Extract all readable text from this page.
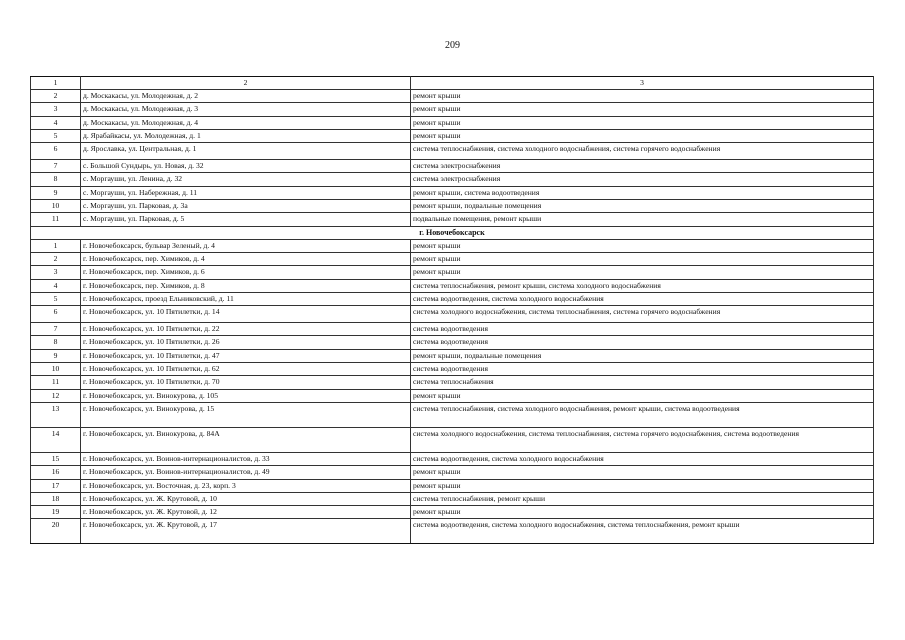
209
1	2	3
2	д. Москакасы, ул. Молодежная, д. 2	ремонт крыши
3	д. Москакасы, ул. Молодежная, д. 3	ремонт крыши
4	д. Москакасы, ул. Молодежная, д. 4	ремонт крыши
5	д. Ярабайкасы, ул. Молодежная, д. 1	ремонт крыши
6	д. Ярославка, ул. Центральная, д. 1	система теплоснабжения, система холодного водоснабжения, система горячего водоснабжения
7	с. Большой Сундырь, ул. Новая, д. 32	система электроснабжения
8	с. Моргауши, ул. Ленина, д. 32	система электроснабжения
9	с. Моргауши, ул. Набережная, д. 11	ремонт крыши, система водоотведения
10	с. Моргауши, ул. Парковая, д. 3а	ремонт крыши, подвальные помещения
11	с. Моргауши, ул. Парковая, д. 5	подвальные помещения, ремонт крыши
г. Новочебоксарск		
1	г. Новочебоксарск, бульвар Зеленый, д. 4	ремонт крыши
2	г. Новочебоксарск, пер. Химиков, д. 4	ремонт крыши
3	г. Новочебоксарск, пер. Химиков, д. 6	ремонт крыши
4	г. Новочебоксарск, пер. Химиков, д. 8	система теплоснабжения, ремонт крыши, система холодного водоснабжения
5	г. Новочебоксарск, проезд Ельниковский, д. 11	система водоотведения, система холодного водоснабжения
6	г. Новочебоксарск, ул. 10 Пятилетки, д. 14	система холодного водоснабжения, система теплоснабжения, система горячего водоснабжения
7	г. Новочебоксарск, ул. 10 Пятилетки, д. 22	система водоотведения
8	г. Новочебоксарск, ул. 10 Пятилетки, д. 26	система водоотведения
9	г. Новочебоксарск, ул. 10 Пятилетки, д. 47	ремонт крыши, подвальные помещения
10	г. Новочебоксарск, ул. 10 Пятилетки, д. 62	система водоотведения
11	г. Новочебоксарск, ул. 10 Пятилетки, д. 70	система теплоснабжения
12	г. Новочебоксарск, ул. Винокурова, д. 105	ремонт крыши
13	г. Новочебоксарск, ул. Винокурова, д. 15	система теплоснабжения, система холодного водоснабжения, ремонт крыши, система водоотведения
14	г. Новочебоксарск, ул. Винокурова, д. 84А	система холодного водоснабжения, система теплоснабжения, система горячего водоснабжения, система водоотведения
15	г. Новочебоксарск, ул. Воинов-интернационалистов, д. 33	система водоотведения, система холодного водоснабжения
16	г. Новочебоксарск, ул. Воинов-интернационалистов, д. 49	ремонт крыши
17	г. Новочебоксарск, ул. Восточная, д. 23, корп. 3	ремонт крыши
18	г. Новочебоксарск, ул. Ж. Крутовой, д. 10	система теплоснабжения, ремонт крыши
19	г. Новочебоксарск, ул. Ж. Крутовой, д. 12	ремонт крыши
20	г. Новочебоксарск, ул. Ж. Крутовой, д. 17	система водоотведения, система холодного водоснабжения, система теплоснабжения, ремонт крыши
